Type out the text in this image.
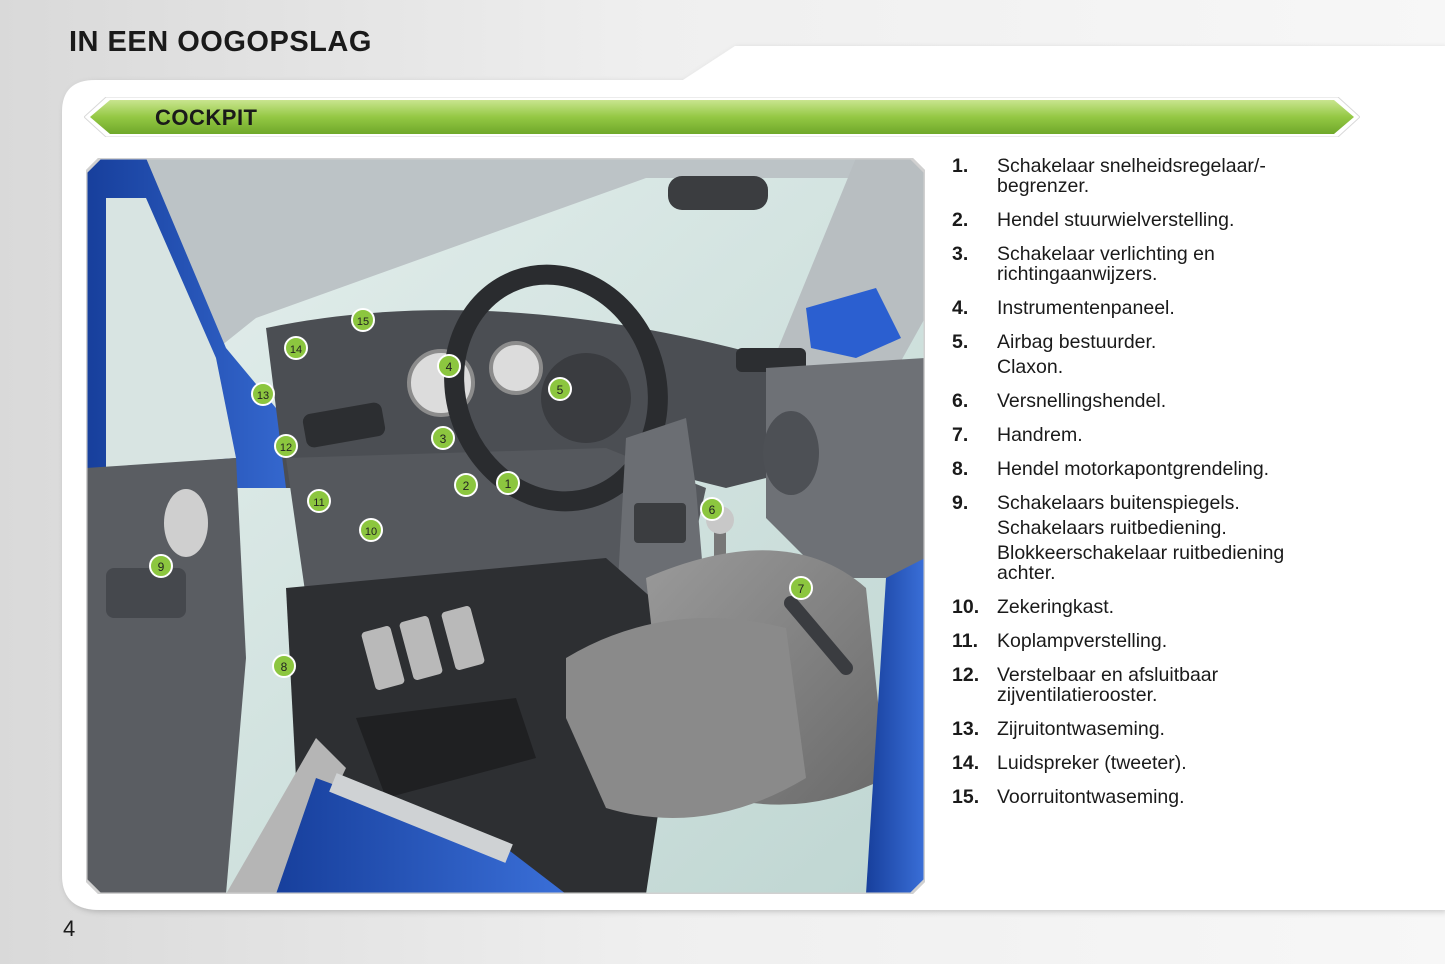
IN EEN OOGOPSLAG
COCKPIT
1
2
3
4
5
6
7
8
9
10
11
12
13
14
15
1. Schakelaar snelheidsregelaar/-
begrenzer.
2. Hendel stuurwielverstelling.
3. Schakelaar verlichting en
richtingaanwijzers.
4. Instrumentenpaneel.
5. Airbag bestuurder.
Claxon.
6. Versnellingshendel.
7. Handrem.
8. Hendel motorkapontgrendeling.
9. Schakelaars buitenspiegels.
Schakelaars ruitbediening.
Blokkeerschakelaar ruitbediening
achter.
10. Zekeringkast.
11. Koplampverstelling.
12. Verstelbaar en afsluitbaar
zijventilatierooster.
13. Zijruitontwaseming.
14. Luidspreker (tweeter).
15. Voorruitontwaseming.
4
